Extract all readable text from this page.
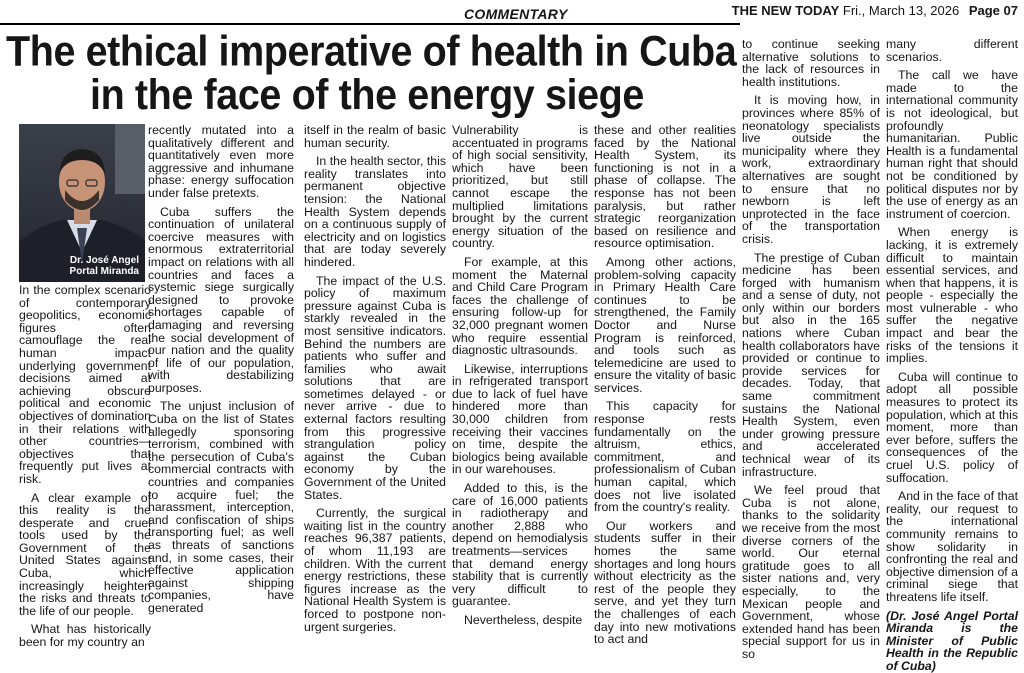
COMMENTARY	THE NEW TODAY Fri., March 13, 2026 Page 07
The ethical imperative of health in Cuba
in the face of the energy siege
Dr. José Angel
Portal Miranda

In the complex scenario of contemporary geopolitics, economic figures often camouflage the real human impact underlying government decisions aimed at achieving obscure political and economic objectives of domination in their relations with other countries—objectives that frequently put lives at risk.

A clear example of this reality is the desperate and cruel tools used by the Government of the United States against Cuba, which increasingly heighten the risks and threats to the life of our people.

What has historically been for my country an

recently mutated into a qualitatively different and quantitatively even more aggressive and inhumane phase: energy suffocation under false pretexts.

Cuba suffers the continuation of unilateral coercive measures with enormous extraterritorial impact on relations with all countries and faces a systemic siege surgically designed to provoke shortages capable of damaging and reversing the social development of our nation and the quality of life of our population, with destabilizing purposes.

The unjust inclusion of Cuba on the list of States allegedly sponsoring terrorism, combined with the persecution of Cuba's commercial contracts with countries and companies to acquire fuel; the harassment, interception, and confiscation of ships transporting fuel; as well as threats of sanctions and, in some cases, their effective application against shipping companies, have generated

itself in the realm of basic human security.

In the health sector, this reality translates into permanent objective tension: the National Health System depends on a continuous supply of electricity and on logistics that are today severely hindered.

The impact of the U.S. policy of maximum pressure against Cuba is starkly revealed in the most sensitive indicators. Behind the numbers are patients who suffer and families who await solutions that are sometimes delayed - or never arrive - due to external factors resulting from this progressive strangulation policy against the Cuban economy by the Government of the United States.

Currently, the surgical waiting list in the country reaches 96,387 patients, of whom 11,193 are children. With the current energy restrictions, these figures increase as the National Health System is forced to postpone non-urgent surgeries.

Vulnerability is accentuated in programs of high social sensitivity, which have been prioritized, but still cannot escape the multiplied limitations brought by the current energy situation of the country.

For example, at this moment the Maternal and Child Care Program faces the challenge of ensuring follow-up for 32,000 pregnant women who require essential diagnostic ultrasounds.

Likewise, interruptions in refrigerated transport due to lack of fuel have hindered more than 30,000 children from receiving their vaccines on time, despite the biologics being available in our warehouses.

Added to this, is the care of 16,000 patients in radiotherapy and another 2,888 who depend on hemodialysis treatments—services that demand energy stability that is currently very difficult to guarantee.

Nevertheless, despite

these and other realities faced by the National Health System, its functioning is not in a phase of collapse. The response has not been paralysis, but rather strategic reorganization based on resilience and resource optimisation.

Among other actions, problem-solving capacity in Primary Health Care continues to be strengthened, the Family Doctor and Nurse Program is reinforced, and tools such as telemedicine are used to ensure the vitality of basic services.

This capacity for response rests fundamentally on the altruism, ethics, commitment, and professionalism of Cuban human capital, which does not live isolated from the country's reality.

Our workers and students suffer in their homes the same shortages and long hours without electricity as the rest of the people they serve, and yet they turn the challenges of each day into new motivations to act and

to continue seeking alternative solutions to the lack of resources in health institutions.

It is moving how, in provinces where 85% of neonatology specialists live outside the municipality where they work, extraordinary alternatives are sought to ensure that no newborn is left unprotected in the face of the transportation crisis.

The prestige of Cuban medicine has been forged with humanism and a sense of duty, not only within our borders but also in the 165 nations where Cuban health collaborators have provided or continue to provide services for decades. Today, that same commitment sustains the National Health System, even under growing pressure and accelerated technical wear of its infrastructure.

We feel proud that Cuba is not alone, thanks to the solidarity we receive from the most diverse corners of the world. Our eternal gratitude goes to all sister nations and, very especially, to the Mexican people and Government, whose extended hand has been special support for us in so

many different scenarios.

The call we have made to the international community is not ideological, but profoundly humanitarian. Public Health is a fundamental human right that should not be conditioned by political disputes nor by the use of energy as an instrument of coercion.

When energy is lacking, it is extremely difficult to maintain essential services, and when that happens, it is people - especially the most vulnerable - who suffer the negative impact and bear the risks of the tensions it implies.

Cuba will continue to adopt all possible measures to protect its population, which at this moment, more than ever before, suffers the consequences of the cruel U.S. policy of suffocation.

And in the face of that reality, our request to the international community remains to show solidarity in confronting the real and objective dimension of a criminal siege that threatens life itself.

(Dr. José Angel Portal Miranda is the Minister of Public Health in the Republic of Cuba)
